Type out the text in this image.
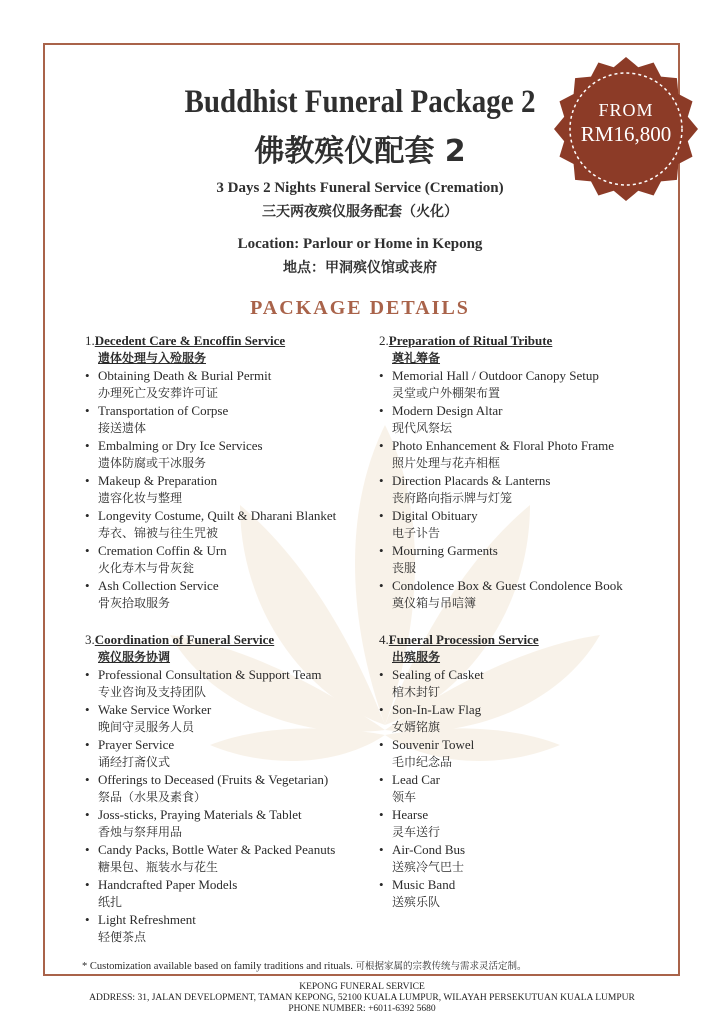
FROM
RM16,800
Buddhist Funeral Package 2
佛教殡仪配套 2
3 Days 2 Nights Funeral Service (Cremation)
三天两夜殡仪服务配套（火化）
Location: Parlour or Home in Kepong
地点：甲洞殡仪馆或丧府
PACKAGE DETAILS
1.Decedent Care & Encoffin Service
遗体处理与入殓服务
• Obtaining Death & Burial Permit
办理死亡及安葬许可证
• Transportation of Corpse
接送遗体
• Embalming or Dry Ice Services
遗体防腐或干冰服务
• Makeup & Preparation
遗容化妆与整理
• Longevity Costume, Quilt & Dharani Blanket
寿衣、锦被与往生咒被
• Cremation Coffin & Urn
火化寿木与骨灰瓮
• Ash Collection Service
骨灰拾取服务
2.Preparation of Ritual Tribute
奠礼筹备
• Memorial Hall / Outdoor Canopy Setup
灵堂或户外棚架布置
• Modern Design Altar
现代风祭坛
• Photo Enhancement & Floral Photo Frame
照片处理与花卉相框
• Direction Placards & Lanterns
丧府路向指示牌与灯笼
• Digital Obituary
电子讣告
• Mourning Garments
丧服
• Condolence Box & Guest Condolence Book
奠仪箱与吊唁簿
3.Coordination of Funeral Service
殡仪服务协调
• Professional Consultation & Support Team
专业咨询及支持团队
• Wake Service Worker
晚间守灵服务人员
• Prayer Service
诵经打斋仪式
• Offerings to Deceased (Fruits & Vegetarian)
祭品（水果及素食）
• Joss-sticks, Praying Materials & Tablet
香烛与祭拜用品
• Candy Packs, Bottle Water & Packed Peanuts
糖果包、瓶装水与花生
• Handcrafted Paper Models
纸扎
• Light Refreshment
轻便茶点
4.Funeral Procession Service
出殡服务
• Sealing of Casket
棺木封钉
• Son-In-Law Flag
女婿铭旗
• Souvenir Towel
毛巾纪念品
• Lead Car
领车
• Hearse
灵车送行
• Air-Cond Bus
送殡冷气巴士
• Music Band
送殡乐队
* Customization available based on family traditions and rituals. 可根据家属的宗教传统与需求灵活定制。
KEPONG FUNERAL SERVICE
ADDRESS: 31, JALAN DEVELOPMENT, TAMAN KEPONG, 52100 KUALA LUMPUR, WILAYAH PERSEKUTUAN KUALA LUMPUR
PHONE NUMBER: +6011-6392 5680
